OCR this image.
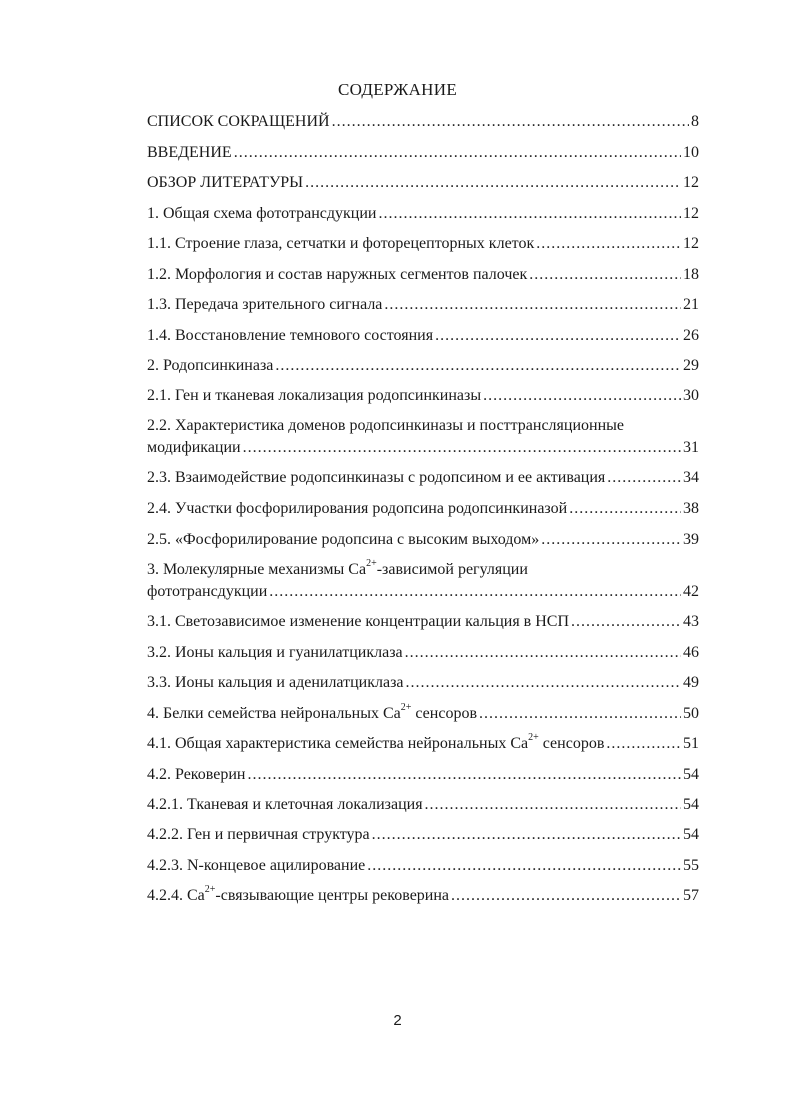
СОДЕРЖАНИЕ
СПИСОК СОКРАЩЕНИЙ .....	8
ВВЕДЕНИЕ .....	10
ОБЗОР ЛИТЕРАТУРЫ .....	12
1. Общая схема фототрансдукции .....	12
1.1. Строение глаза, сетчатки и фоторецепторных клеток .....	12
1.2. Морфология и состав наружных сегментов палочек .....	18
1.3. Передача зрительного сигнала .....	21
1.4. Восстановление темнового состояния .....	26
2. Родопсинкиназа .....	29
2.1. Ген и тканевая локализация родопсинкиназы .....	30
2.2. Характеристика доменов родопсинкиназы и посттрансляционные
модификации .....	31
2.3. Взаимодействие родопсинкиназы с родопсином и ее активация .....	34
2.4. Участки фосфорилирования родопсина родопсинкиназой .....	38
2.5. «Фосфорилирование родопсина с высоким выходом» .....	39
3. Молекулярные механизмы $Са^{2+}$-зависимой регуляции
фототрансдукции .....	42
3.1. Светозависимое изменение концентрации кальция в НСП .....	43
3.2. Ионы кальция и гуанилатциклаза .....	46
3.3. Ионы кальция и аденилатциклаза .....	49
4. Белки семейства нейрональных $Са^{2+}$ сенсоров .....	50
4.1. Общая характеристика семейства нейрональных $Са^{2+}$ сенсоров .....	51
4.2. Рековерин .....	54
4.2.1. Тканевая и клеточная локализация .....	54
4.2.2. Ген и первичная структура .....	54
4.2.3. N-концевое ацилирование .....	55
4.2.4. $Са^{2+}$-связывающие центры рековерина .....	57
2
